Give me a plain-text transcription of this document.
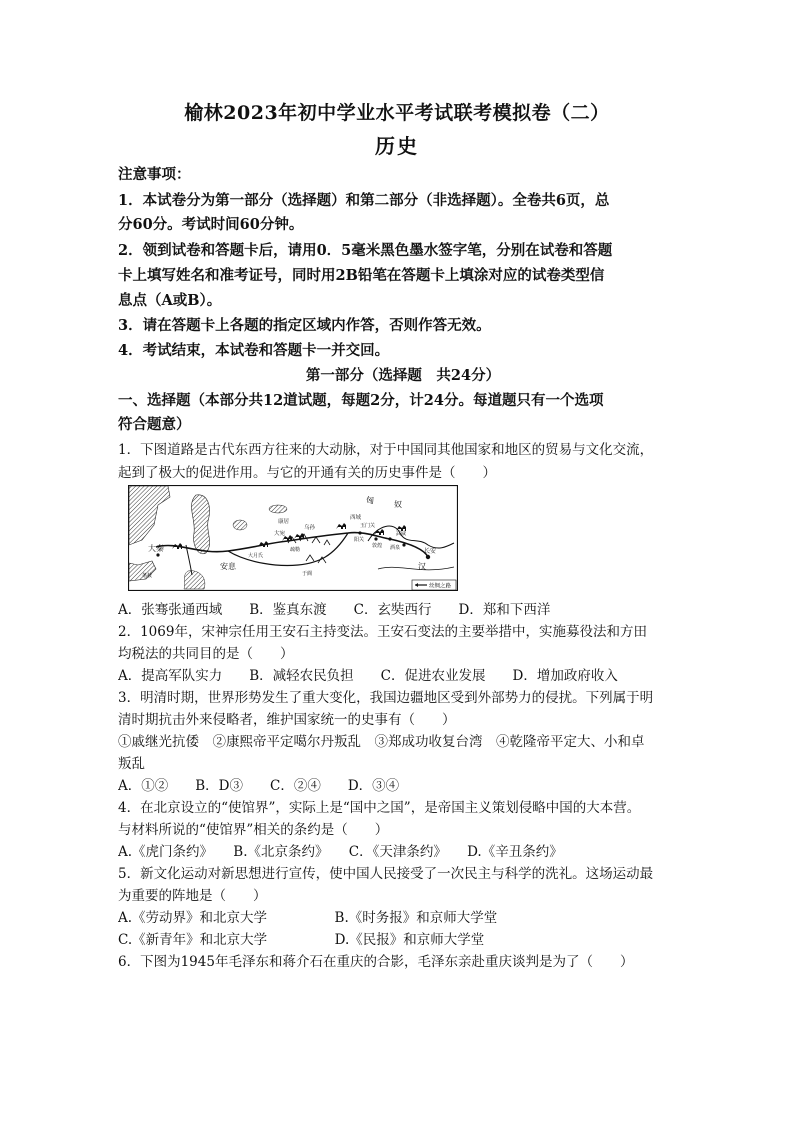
榆林2023年初中学业水平考试联考模拟卷（二）
历史
注意事项：
1．本试卷分为第一部分（选择题）和第二部分（非选择题）。全卷共6页，总
分60分。考试时间60分钟。
2．领到试卷和答题卡后，请用0．5毫米黑色墨水签字笔，分别在试卷和答题
卡上填写姓名和准考证号，同时用2B铅笔在答题卡上填涂对应的试卷类型信
息点（A或B）。
3．请在答题卡上各题的指定区域内作答，否则作答无效。
4．考试结束，本试卷和答题卡一并交回。
第一部分（选择题　共24分）
一、选择题（本部分共12道试题，每题2分，计24分。每道题只有一个选项
符合题意）
1．下图道路是古代东西方往来的大动脉，对于中国同其他国家和地区的贸易与文化交流，
起到了极大的促进作用。与它的开通有关的历史事件是（　　）
匈	奴
康居
大宛
乌孙	玉门关
阳关
敦煌 酒泉
武威
长安
汉
西域
安息
大月氏
于阗
疏勒
大秦
条枝
丝绸之路
A．张骞张通西域　　B．鉴真东渡　　C．玄奘西行　　D．郑和下西洋
2．1069年，宋神宗任用王安石主持变法。王安石变法的主要举措中，实施募役法和方田
均税法的共同目的是（　　）
A．提高军队实力　　B．减轻农民负担　　C．促进农业发展　　D．增加政府收入
3．明清时期，世界形势发生了重大变化，我国边疆地区受到外部势力的侵扰。下列属于明
清时期抗击外来侵略者，维护国家统一的史事有（　　）
①戚继光抗倭　②康熙帝平定噶尔丹叛乱　③郑成功收复台湾　④乾隆帝平定大、小和卓
叛乱
A．①②　　B．D③　　C．②④　　D．③④
4．在北京设立的“使馆界”，实际上是“国中之国”，是帝国主义策划侵略中国的大本营。
与材料所说的“使馆界”相关的条约是（　　）
A.《虎门条约》　　B.《北京条约》　　C．《天津条约》　　D.《辛丑条约》
5．新文化运动对新思想进行宣传，使中国人民接受了一次民主与科学的洗礼。这场运动最
为重要的阵地是（　　）
A.《劳动界》和北京大学　　　　　B.《时务报》和京师大学堂
C.《新青年》和北京大学　　　　　D.《民报》和京师大学堂
6．下图为1945年毛泽东和蒋介石在重庆的合影，毛泽东亲赴重庆谈判是为了（　　）
